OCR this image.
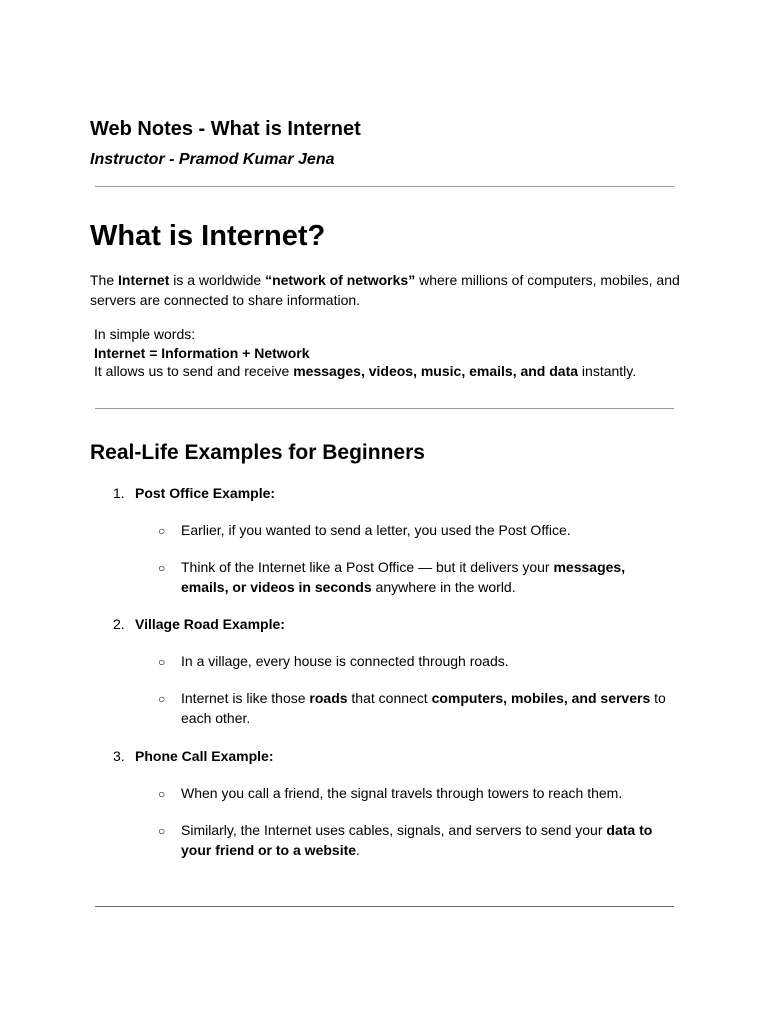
Web Notes - What is Internet

Instructor - Pramod Kumar Jena

What is Internet?

The Internet is a worldwide “network of networks” where millions of computers, mobiles, and servers are connected to share information.

In simple words:
Internet = Information + Network
It allows us to send and receive messages, videos, music, emails, and data instantly.
Real-Life Examples for Beginners
1. Post Office Example:
○ Earlier, if you wanted to send a letter, you used the Post Office.
○ Think of the Internet like a Post Office — but it delivers your messages, emails, or videos in seconds anywhere in the world.
2. Village Road Example:
○ In a village, every house is connected through roads.
○ Internet is like those roads that connect computers, mobiles, and servers to each other.
3. Phone Call Example:
○ When you call a friend, the signal travels through towers to reach them.
○ Similarly, the Internet uses cables, signals, and servers to send your data to your friend or to a website.
